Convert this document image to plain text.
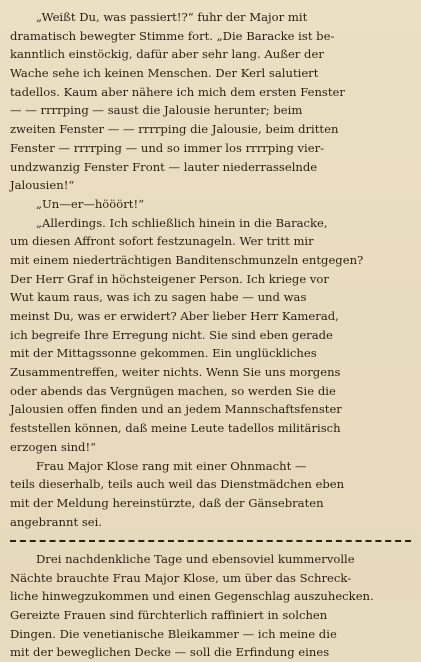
„Weißt Du, was passiert!?“ fuhr der Major mit
dramatisch bewegter Stimme fort. „Die Baracke ist be-
kanntlich einstöckig, dafür aber sehr lang. Außer der
Wache sehe ich keinen Menschen. Der Kerl salutiert
tadellos. Kaum aber nähere ich mich dem ersten Fenster
— — rrrrping — saust die Jalousie herunter; beim
zweiten Fenster — — rrrrping die Jalousie, beim dritten
Fenster — rrrrping — und so immer los rrrrping vier-
undzwanzig Fenster Front — lauter niederrasselnde
Jalousien!“
„Un—er—hööört!“
„Allerdings. Ich schließlich hinein in die Baracke,
um diesen Affront sofort festzunageln. Wer tritt mir
mit einem niederträchtigen Banditenschmunzeln entgegen?
Der Herr Graf in höchsteigener Person. Ich kriege vor
Wut kaum raus, was ich zu sagen habe — und was
meinst Du, was er erwidert? Aber lieber Herr Kamerad,
ich begreife Ihre Erregung nicht. Sie sind eben gerade
mit der Mittagssonne gekommen. Ein unglückliches
Zusammentreffen, weiter nichts. Wenn Sie uns morgens
oder abends das Vergnügen machen, so werden Sie die
Jalousien offen finden und an jedem Mannschaftsfenster
feststellen können, daß meine Leute tadellos militärisch
erzogen sind!“
Frau Major Klose rang mit einer Ohnmacht —
teils dieserhalb, teils auch weil das Dienstmädchen eben
mit der Meldung hereinstürzte, daß der Gänsebraten
angebrannt sei.
Drei nachdenkliche Tage und ebensoviel kummervolle
Nächte brauchte Frau Major Klose, um über das Schreck-
liche hinwegzukommen und einen Gegenschlag auszuhecken.
Gereizte Frauen sind fürchterlich raffiniert in solchen
Dingen. Die venetianische Bleikammer — ich meine die
mit der beweglichen Decke — soll die Erfindung eines
